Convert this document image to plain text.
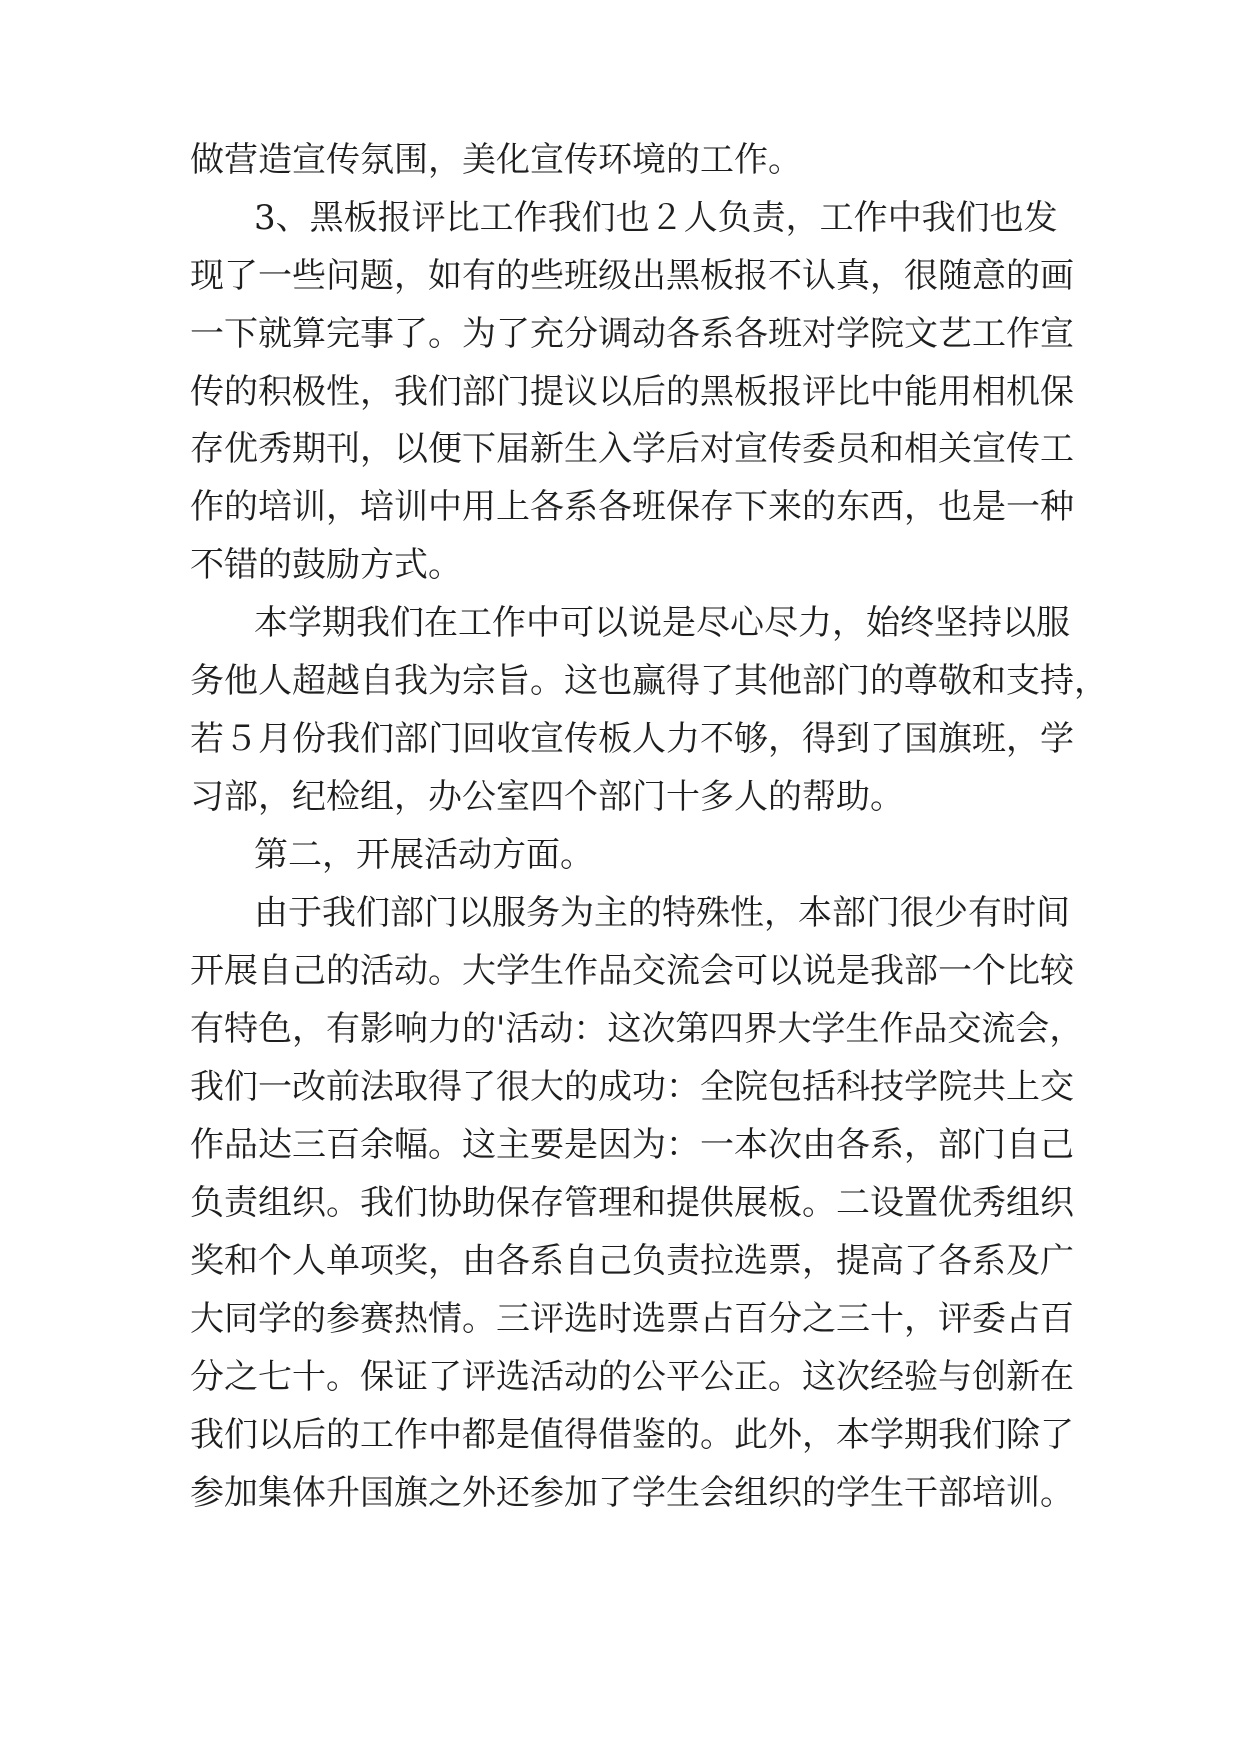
做营造宣传氛围，美化宣传环境的工作。
3、黑板报评比工作我们也２人负责，工作中我们也发
现了一些问题，如有的些班级出黑板报不认真，很随意的画
一下就算完事了。为了充分调动各系各班对学院文艺工作宣
传的积极性，我们部门提议以后的黑板报评比中能用相机保
存优秀期刊，以便下届新生入学后对宣传委员和相关宣传工
作的培训，培训中用上各系各班保存下来的东西，也是一种
不错的鼓励方式。
本学期我们在工作中可以说是尽心尽力，始终坚持以服
务他人超越自我为宗旨。这也赢得了其他部门的尊敬和支持，
若５月份我们部门回收宣传板人力不够，得到了国旗班，学
习部，纪检组，办公室四个部门十多人的帮助。
第二，开展活动方面。
由于我们部门以服务为主的特殊性，本部门很少有时间
开展自己的活动。大学生作品交流会可以说是我部一个比较
有特色，有影响力的'活动：这次第四界大学生作品交流会，
我们一改前法取得了很大的成功：全院包括科技学院共上交
作品达三百余幅。这主要是因为：一本次由各系，部门自己
负责组织。我们协助保存管理和提供展板。二设置优秀组织
奖和个人单项奖，由各系自己负责拉选票，提高了各系及广
大同学的参赛热情。三评选时选票占百分之三十，评委占百
分之七十。保证了评选活动的公平公正。这次经验与创新在
我们以后的工作中都是值得借鉴的。此外，本学期我们除了
参加集体升国旗之外还参加了学生会组织的学生干部培训。
